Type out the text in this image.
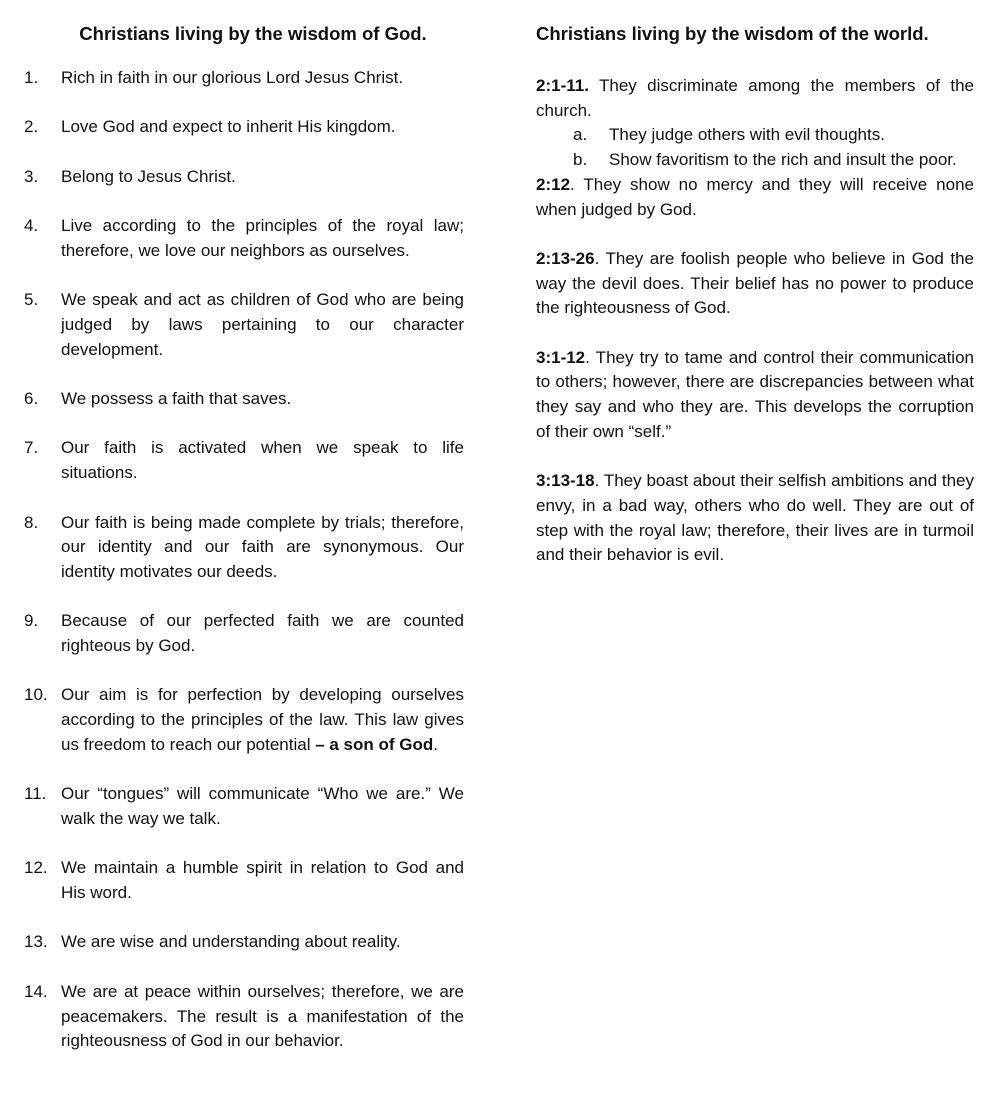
Christians living by the wisdom of God.
1.	Rich in faith in our glorious Lord Jesus Christ.
2.	Love God and expect to inherit His kingdom.
3.	Belong to Jesus Christ.
4.	Live according to the principles of the royal law; therefore, we love our neighbors as ourselves.
5.	We speak and act as children of God who are being judged by laws pertaining to our character development.
6.	We possess a faith that saves.
7.	Our faith is activated when we speak to life situations.
8.	Our faith is being made complete by trials; therefore, our identity and our faith are synonymous. Our identity motivates our deeds.
9.	Because of our perfected faith we are counted righteous by God.
10. Our aim is for perfection by developing ourselves according to the principles of the law. This law gives us freedom to reach our potential – a son of God.
11. Our “tongues” will communicate “Who we are.” We walk the way we talk.
12. We maintain a humble spirit in relation to God and His word.
13. We are wise and understanding about reality.
14. We are at peace within ourselves; therefore, we are peacemakers. The result is a manifestation of the righteousness of God in our behavior.
Christians living by the wisdom of the world.

2:1-11. They discriminate among the members of the church.

a.	They judge others with evil thoughts.
b.	Show favoritism to the rich and insult the poor.

2:12. They show no mercy and they will receive none when judged by God.

2:13-26. They are foolish people who believe in God the way the devil does. Their belief has no power to produce the righteousness of God.

3:1-12. They try to tame and control their communication to others; however, there are discrepancies between what they say and who they are. This develops the corruption of their own “self.”

3:13-18. They boast about their selfish ambitions and they envy, in a bad way, others who do well. They are out of step with the royal law; therefore, their lives are in turmoil and their behavior is evil.
